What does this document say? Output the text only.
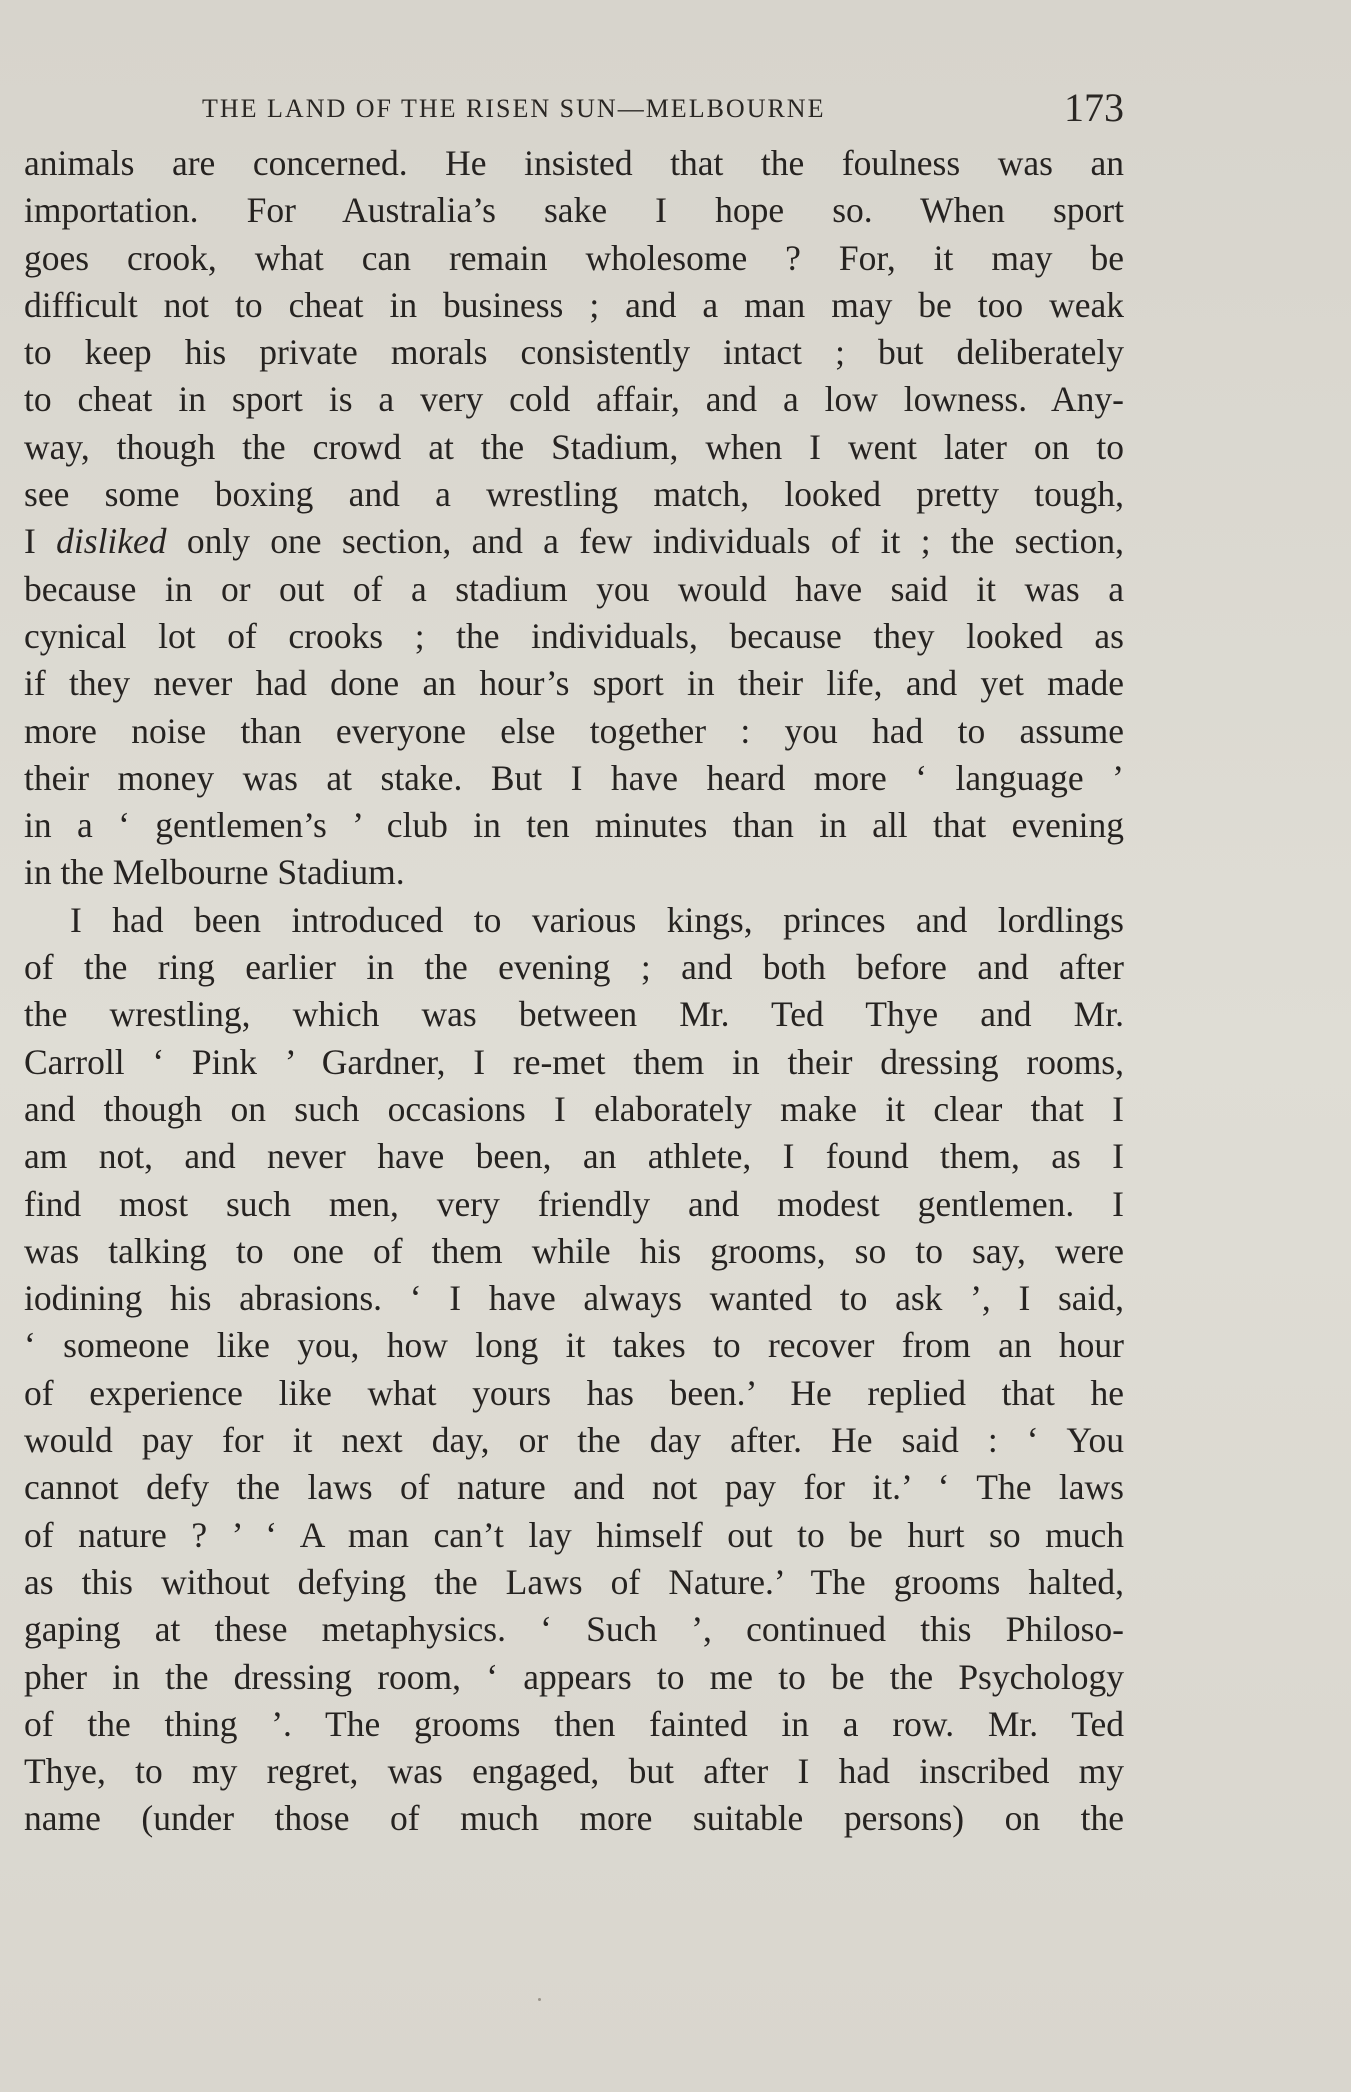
THE LAND OF THE RISEN SUN—MELBOURNE	173
animals are concerned. He insisted that the foulness was an
importation. For Australia’s sake I hope so. When sport
goes crook, what can remain wholesome ? For, it may be
difficult not to cheat in business ; and a man may be too weak
to keep his private morals consistently intact ; but deliberately
to cheat in sport is a very cold affair, and a low lowness. Any-
way, though the crowd at the Stadium, when I went later on to
see some boxing and a wrestling match, looked pretty tough,
I disliked only one section, and a few individuals of it ; the section,
because in or out of a stadium you would have said it was a
cynical lot of crooks ; the individuals, because they looked as
if they never had done an hour’s sport in their life, and yet made
more noise than everyone else together : you had to assume
their money was at stake. But I have heard more ‘ language ’
in a ‘ gentlemen’s ’ club in ten minutes than in all that evening
in the Melbourne Stadium.
I had been introduced to various kings, princes and lordlings
of the ring earlier in the evening ; and both before and after
the wrestling, which was between Mr. Ted Thye and Mr.
Carroll ‘ Pink ’ Gardner, I re-met them in their dressing rooms,
and though on such occasions I elaborately make it clear that I
am not, and never have been, an athlete, I found them, as I
find most such men, very friendly and modest gentlemen. I
was talking to one of them while his grooms, so to say, were
iodining his abrasions. ‘ I have always wanted to ask ’, I said,
‘ someone like you, how long it takes to recover from an hour
of experience like what yours has been.’ He replied that he
would pay for it next day, or the day after. He said : ‘ You
cannot defy the laws of nature and not pay for it.’ ‘ The laws
of nature ? ’ ‘ A man can’t lay himself out to be hurt so much
as this without defying the Laws of Nature.’ The grooms halted,
gaping at these metaphysics. ‘ Such ’, continued this Philoso-
pher in the dressing room, ‘ appears to me to be the Psychology
of the thing ’. The grooms then fainted in a row. Mr. Ted
Thye, to my regret, was engaged, but after I had inscribed my
name (under those of much more suitable persons) on the
